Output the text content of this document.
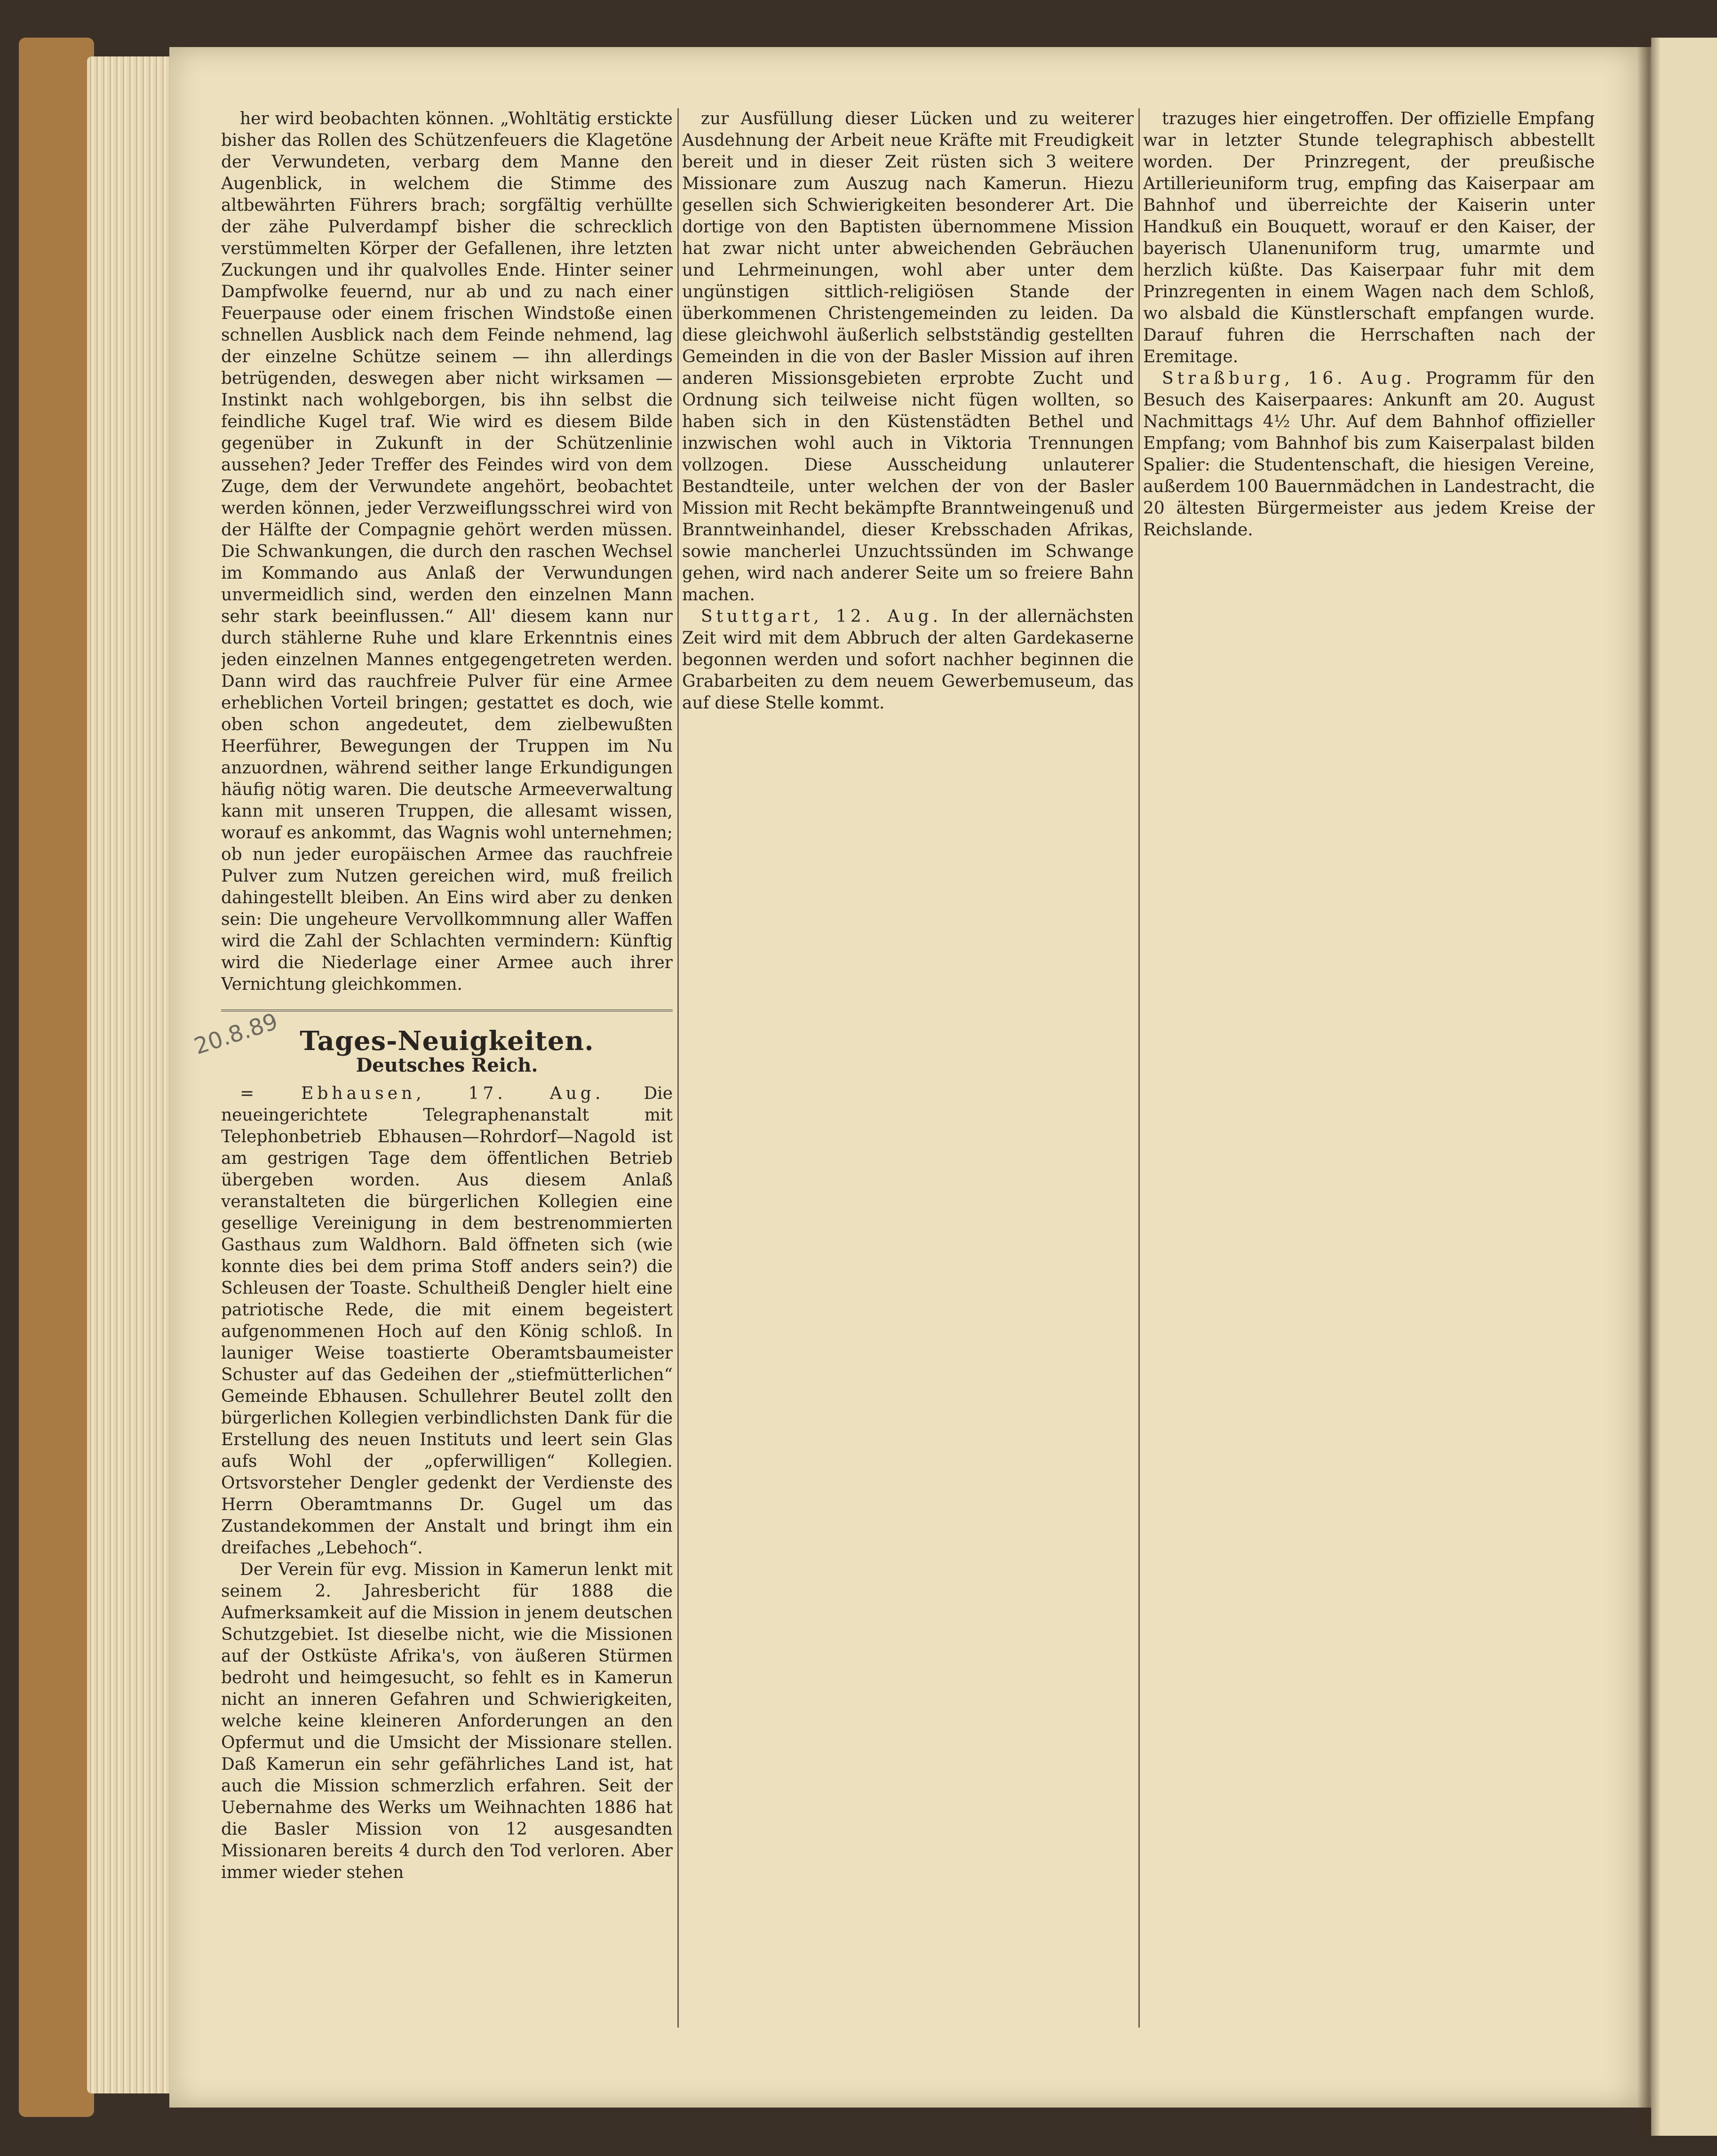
her wird beobachten können. „Wohltätig erstickte bisher das Rollen des Schützenfeuers die Klagetöne der Verwundeten, verbarg dem Manne den Augenblick, in welchem die Stimme des altbewährten Führers brach; sorgfältig verhüllte der zähe Pulverdampf bisher die schrecklich verstümmelten Körper der Gefallenen, ihre letzten Zuckungen und ihr qualvolles Ende. Hinter seiner Dampfwolke feuernd, nur ab und zu nach einer Feuerpause oder einem frischen Windstoße einen schnellen Ausblick nach dem Feinde nehmend, lag der einzelne Schütze seinem — ihn allerdings betrügenden, deswegen aber nicht wirksamen — Instinkt nach wohlgeborgen, bis ihn selbst die feindliche Kugel traf. Wie wird es diesem Bilde gegenüber in Zukunft in der Schützenlinie aussehen? Jeder Treffer des Feindes wird von dem Zuge, dem der Verwundete angehört, beobachtet werden können, jeder Verzweiflungsschrei wird von der Hälfte der Compagnie gehört werden müssen. Die Schwankungen, die durch den raschen Wechsel im Kommando aus Anlaß der Verwundungen unvermeidlich sind, werden den einzelnen Mann sehr stark beeinflussen.“ All' diesem kann nur durch stählerne Ruhe und klare Erkenntnis eines jeden einzelnen Mannes entgegengetreten werden. Dann wird das rauchfreie Pulver für eine Armee erheblichen Vorteil bringen; gestattet es doch, wie oben schon angedeutet, dem zielbewußten Heerführer, Bewegungen der Truppen im Nu anzuordnen, während seither lange Erkundigungen häufig nötig waren. Die deutsche Armeeverwaltung kann mit unseren Truppen, die allesamt wissen, worauf es ankommt, das Wagnis wohl unternehmen; ob nun jeder europäischen Armee das rauchfreie Pulver zum Nutzen gereichen wird, muß freilich dahingestellt bleiben. An Eins wird aber zu denken sein: Die ungeheure Vervollkommnung aller Waffen wird die Zahl der Schlachten vermindern: Künftig wird die Niederlage einer Armee auch ihrer Vernichtung gleichkommen.

Tages-Neuigkeiten.
Deutsches Reich.

= Ebhausen, 17. Aug. Die neueingerichtete Telegraphenanstalt mit Telephonbetrieb Ebhausen—Rohrdorf—Nagold ist am gestrigen Tage dem öffentlichen Betrieb übergeben worden. Aus diesem Anlaß veranstalteten die bürgerlichen Kollegien eine gesellige Vereinigung in dem bestrenommierten Gasthaus zum Waldhorn. Bald öffneten sich (wie konnte dies bei dem prima Stoff anders sein?) die Schleusen der Toaste. Schultheiß Dengler hielt eine patriotische Rede, die mit einem begeistert aufgenommenen Hoch auf den König schloß. In launiger Weise toastierte Oberamtsbaumeister Schuster auf das Gedeihen der „stiefmütterlichen“ Gemeinde Ebhausen. Schullehrer Beutel zollt den bürgerlichen Kollegien verbindlichsten Dank für die Erstellung des neuen Instituts und leert sein Glas aufs Wohl der „opferwilligen“ Kollegien. Ortsvorsteher Dengler gedenkt der Verdienste des Herrn Oberamtmanns Dr. Gugel um das Zustandekommen der Anstalt und bringt ihm ein dreifaches „Lebehoch“.

Der Verein für evg. Mission in Kamerun lenkt mit seinem 2. Jahresbericht für 1888 die Aufmerksamkeit auf die Mission in jenem deutschen Schutzgebiet. Ist dieselbe nicht, wie die Missionen auf der Ostküste Afrika's, von äußeren Stürmen bedroht und heimgesucht, so fehlt es in Kamerun nicht an inneren Gefahren und Schwierigkeiten, welche keine kleineren Anforderungen an den Opfermut und die Umsicht der Missionare stellen. Daß Kamerun ein sehr gefährliches Land ist, hat auch die Mission schmerzlich erfahren. Seit der Uebernahme des Werks um Weihnachten 1886 hat die Basler Mission von 12 ausgesandten Missionaren bereits 4 durch den Tod verloren. Aber immer wieder stehen

zur Ausfüllung dieser Lücken und zu weiterer Ausdehnung der Arbeit neue Kräfte mit Freudigkeit bereit und in dieser Zeit rüsten sich 3 weitere Missionare zum Auszug nach Kamerun. Hiezu gesellen sich Schwierigkeiten besonderer Art. Die dortige von den Baptisten übernommene Mission hat zwar nicht unter abweichenden Gebräuchen und Lehrmeinungen, wohl aber unter dem ungünstigen sittlich-religiösen Stande der überkommenen Christengemeinden zu leiden. Da diese gleichwohl äußerlich selbstständig gestellten Gemeinden in die von der Basler Mission auf ihren anderen Missionsgebieten erprobte Zucht und Ordnung sich teilweise nicht fügen wollten, so haben sich in den Küstenstädten Bethel und inzwischen wohl auch in Viktoria Trennungen vollzogen. Diese Ausscheidung unlauterer Bestandteile, unter welchen der von der Basler Mission mit Recht bekämpfte Branntweingenuß und Branntweinhandel, dieser Krebsschaden Afrikas, sowie mancherlei Unzuchtssünden im Schwange gehen, wird nach anderer Seite um so freiere Bahn machen.

Stuttgart, 12. Aug. In der allernächsten Zeit wird mit dem Abbruch der alten Gardekaserne begonnen werden und sofort nachher beginnen die Grabarbeiten zu dem neuem Gewerbemuseum, das auf diese Stelle kommt.

trazuges hier eingetroffen. Der offizielle Empfang war in letzter Stunde telegraphisch abbestellt worden. Der Prinzregent, der preußische Artillerieuniform trug, empfing das Kaiserpaar am Bahnhof und überreichte der Kaiserin unter Handkuß ein Bouquett, worauf er den Kaiser, der bayerisch Ulanenuniform trug, umarmte und herzlich küßte. Das Kaiserpaar fuhr mit dem Prinzregenten in einem Wagen nach dem Schloß, wo alsbald die Künstlerschaft empfangen wurde. Darauf fuhren die Herrschaften nach der Eremitage.

Straßburg, 16. Aug. Programm für den Besuch des Kaiserpaares: Ankunft am 20. August Nachmittags 4½ Uhr. Auf dem Bahnhof offizieller Empfang; vom Bahnhof bis zum Kaiserpalast bilden Spalier: die Studentenschaft, die hiesigen Vereine, außerdem 100 Bauernmädchen in Landestracht, die 20 ältesten Bürgermeister aus jedem Kreise der Reichslande.

20.8.89
